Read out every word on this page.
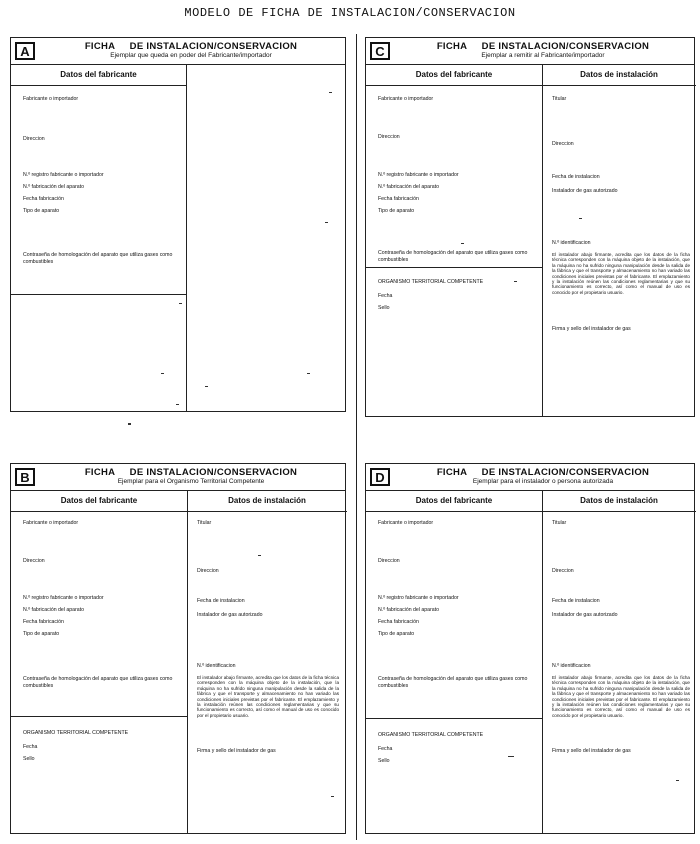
MODELO DE FICHA DE INSTALACION/CONSERVACION
A	FICHA     DE INSTALACION/CONSERVACION
Ejemplar que queda en poder del Fabricante/importador
Datos del fabricante
Fabricante o importador
Direccion
N.º registro fabricante o importador
N.º fabricación del aparato
Fecha fabricación
Tipo de aparato
Contraseña de homologación del aparato que utiliza gases como combustibles
C	FICHA     DE INSTALACION/CONSERVACION
Ejemplar a remitir al Fabricante/importador
Datos del fabricante	Datos de instalación
Fabricante o importador
Direccion
N.º registro fabricante o importador
N.º fabricación del aparato
Fecha fabricación
Tipo de aparato
Contraseña de homologación del aparato que utiliza gases como combustibles
ORGANISMO TERRITORIAL COMPETENTE
Fecha
Sello
Titular
Direccion
Fecha de instalacion
Instalador de gas autorizado
N.º identificacion
El instalador abajo firmante, acredita que los datos de la ficha técnica corresponden con la máquina objeto de la instalación, que la máquina no ha sufrido ninguna manipulación desde la salida de la fábrica y que el transporte y almacenamiento no han variado las condiciones iniciales previstas por el fabricante. El emplazamiento y la instalación reúnen las condiciones reglamentarias y que su funcionamiento es correcto, así como el manual de uso es conocido por el propietario usuario.
Firma y sello del instalador de gas
B	FICHA     DE INSTALACION/CONSERVACION
Ejemplar para el Organismo Territorial Competente
Datos del fabricante	Datos de instalación
Fabricante o importador
Direccion
N.º registro fabricante o importador
N.º fabricación del aparato
Fecha fabricación
Tipo de aparato
Contraseña de homologación del aparato que utiliza gases como combustibles
ORGANISMO TERRITORIAL COMPETENTE
Fecha
Sello
Titular
Direccion
Fecha de instalacion
Instalador de gas autorizado
N.º identificacion
El instalador abajo firmante, acredita que los datos de la ficha técnica corresponden con la máquina objeto de la instalación, que la máquina no ha sufrido ninguna manipulación desde la salida de la fábrica y que el transporte y almacenamiento no han variado las condiciones iniciales previstas por el fabricante. El emplazamiento y la instalación reúnen las condiciones reglamentarias y que su funcionamiento es correcto, así como el manual de uso es conocido por el propietario usuario.
Firma y sello del instalador de gas
D	FICHA     DE INSTALACION/CONSERVACION
Ejemplar para el instalador o persona autorizada
Datos del fabricante	Datos de instalación
Fabricante o importador
Direccion
N.º registro fabricante o importador
N.º fabricación del aparato
Fecha fabricación
Tipo de aparato
Contraseña de homologación del aparato que utiliza gases como combustibles
ORGANISMO TERRITORIAL COMPETENTE
Fecha
Sello
Titular
Direccion
Fecha de instalacion
Instalador de gas autorizado
N.º identificacion
El instalador abajo firmante, acredita que los datos de la ficha técnica corresponden con la máquina objeto de la instalación, que la máquina no ha sufrido ninguna manipulación desde la salida de la fábrica y que el transporte y almacenamiento no han variado las condiciones iniciales previstas por el fabricante. El emplazamiento y la instalación reúnen las condiciones reglamentarias y que su funcionamiento es correcto, así como el manual de uso es conocido por el propietario usuario.
Firma y sello del instalador de gas
